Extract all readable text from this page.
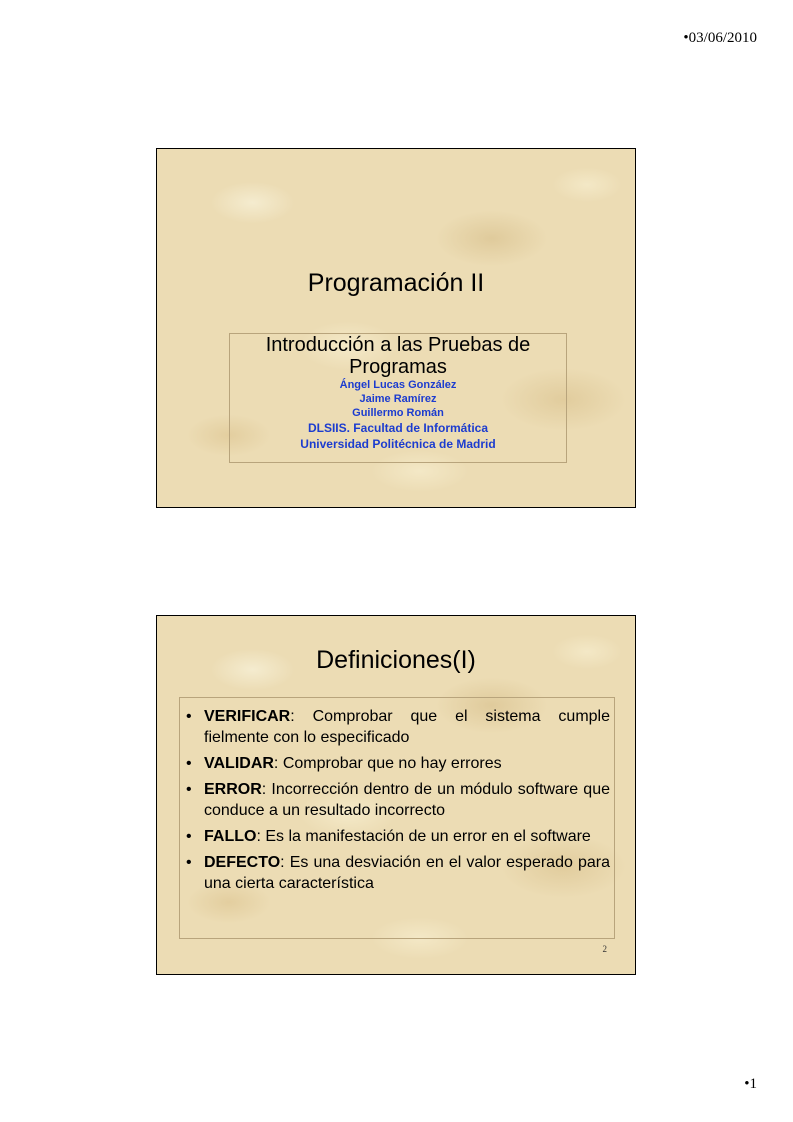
•03/06/2010
Programación II
Introducción a las Pruebas de Programas
Ángel Lucas González
Jaime Ramírez
Guillermo Román
DLSIIS. Facultad de Informática
Universidad Politécnica de Madrid
Definiciones(I)
• VERIFICAR: Comprobar que el sistema cumple fielmente con lo especificado
• VALIDAR: Comprobar que no hay errores
• ERROR: Incorrección dentro de un módulo software que conduce a un resultado incorrecto
• FALLO: Es la manifestación de un error en el software
• DEFECTO: Es una desviación en el valor esperado para una cierta característica
2
•1
